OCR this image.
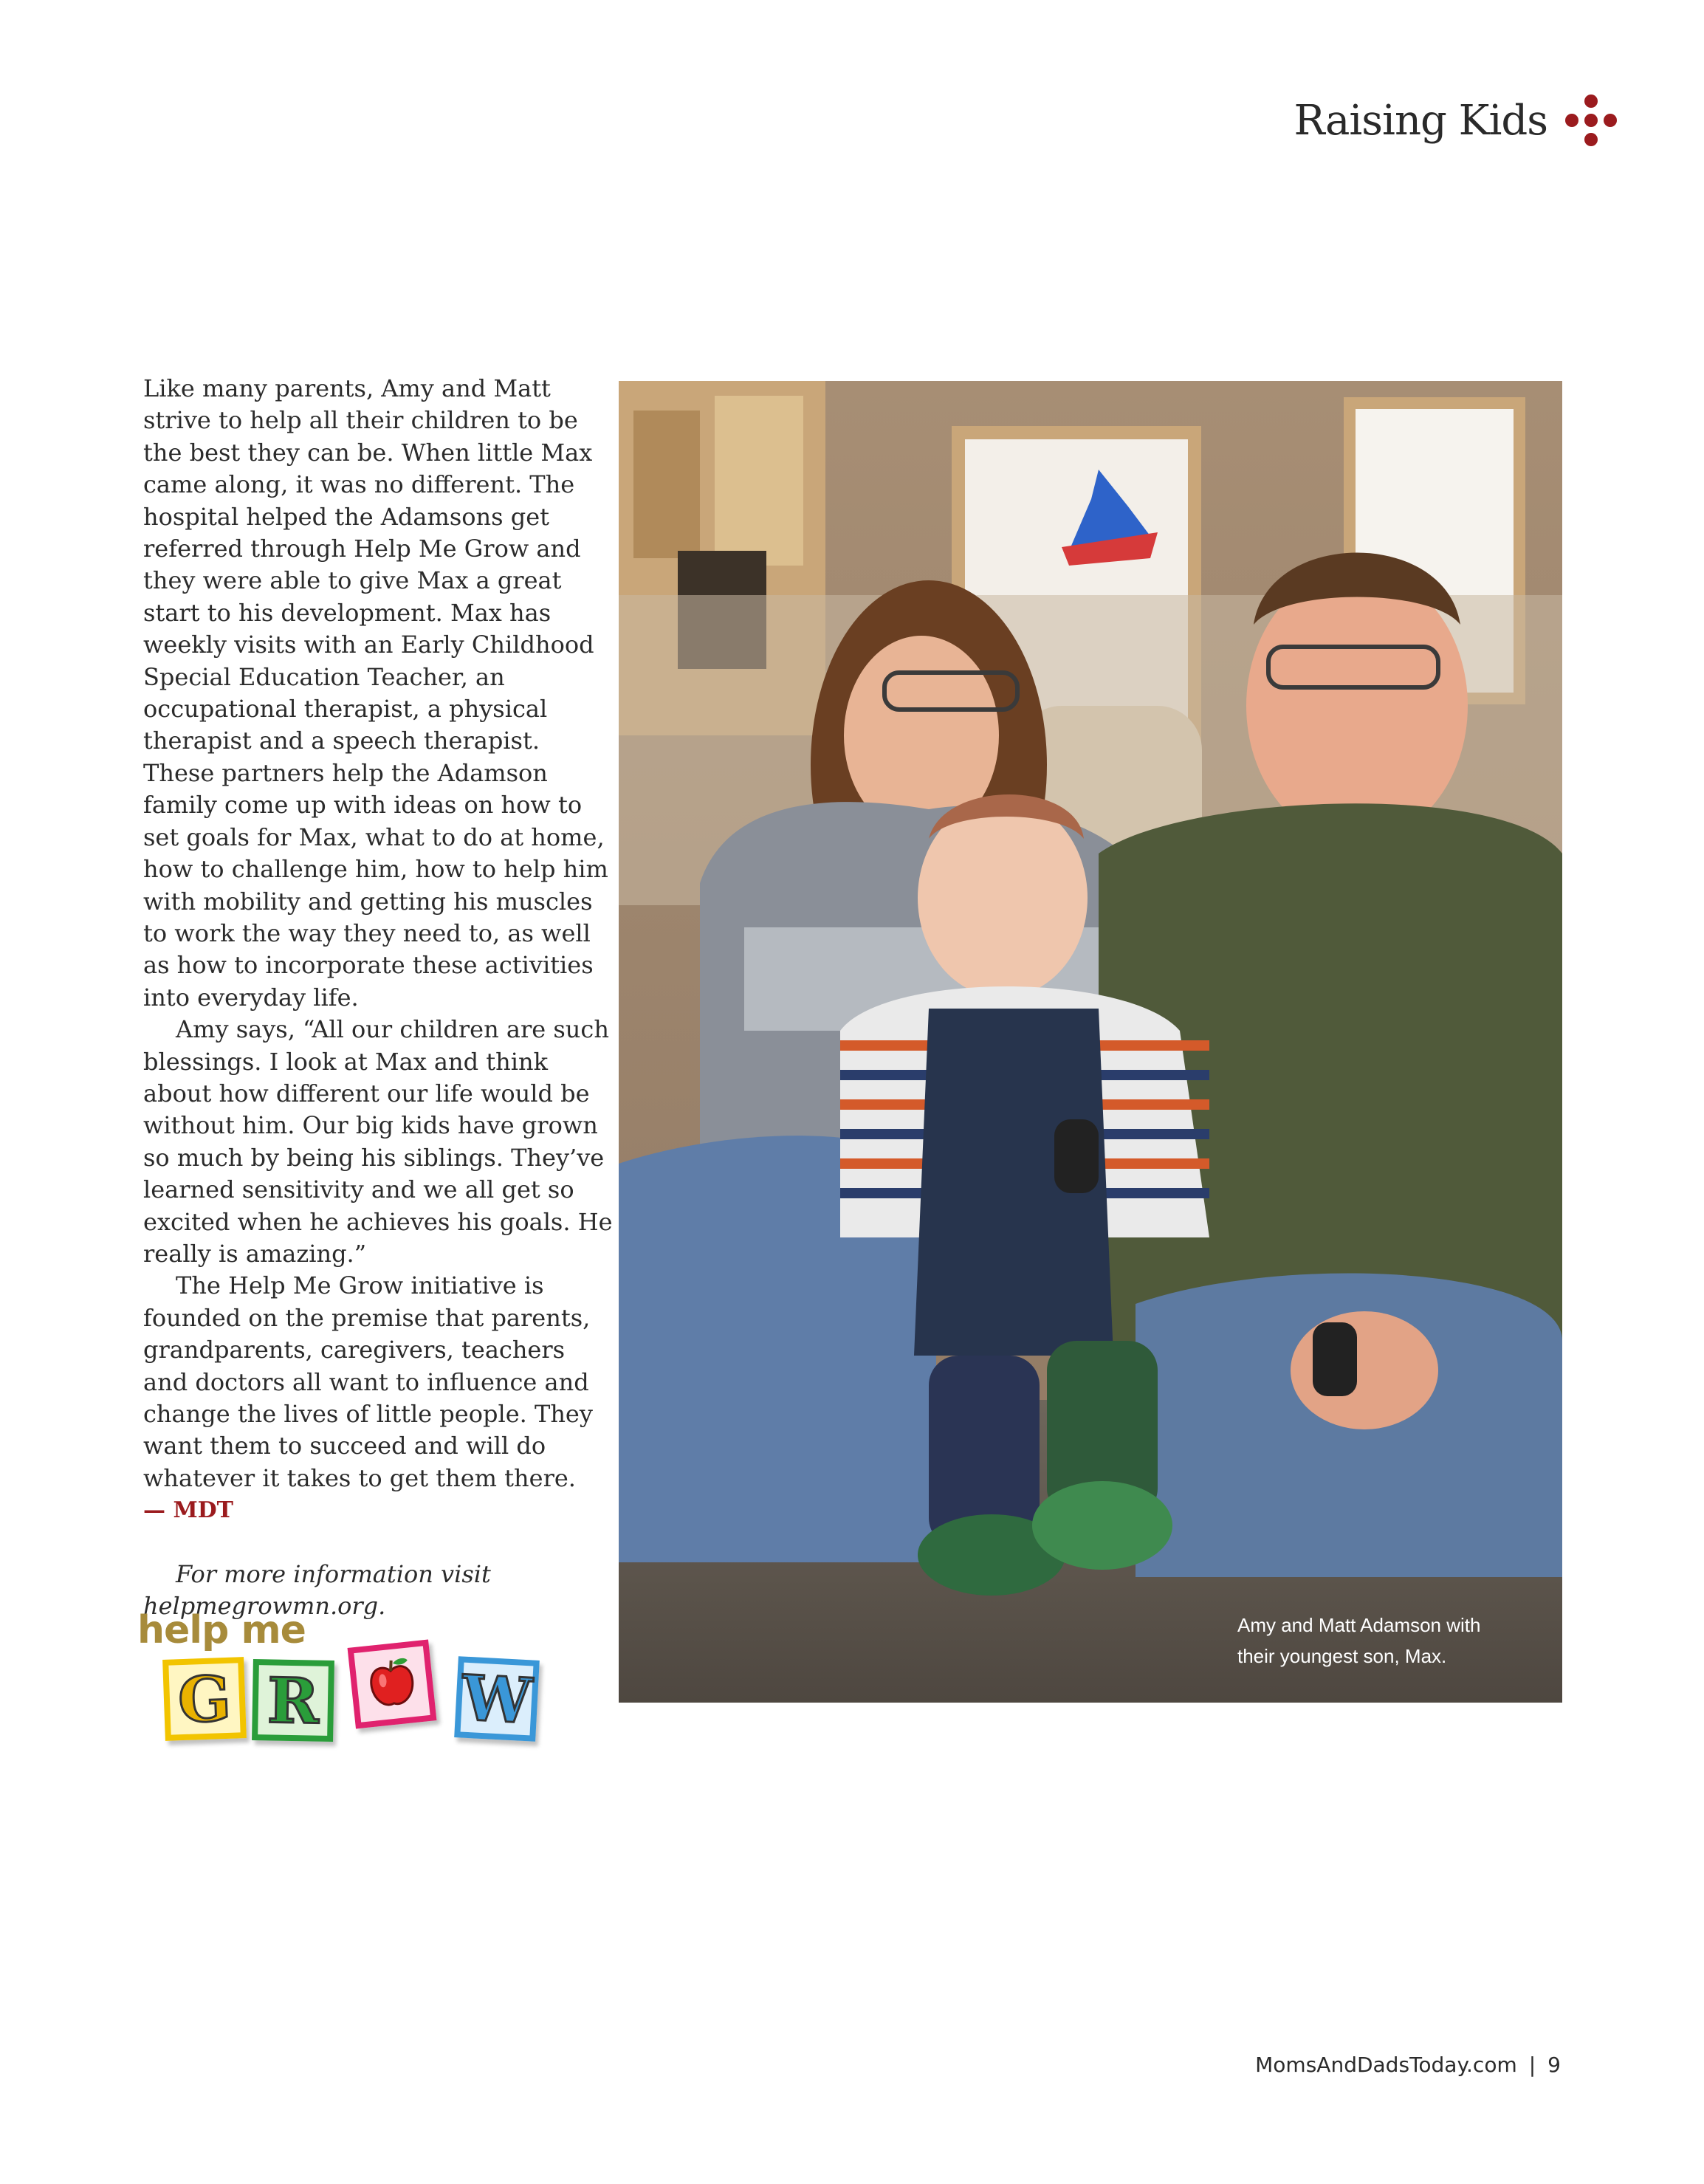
Raising Kids

Like many parents, Amy and Matt strive to help all their children to be the best they can be. When little Max came along, it was no different. The hospital helped the Adamsons get referred through Help Me Grow and they were able to give Max a great start to his development. Max has weekly visits with an Early Childhood Special Education Teacher, an occupational therapist, a physical therapist and a speech therapist. These partners help the Adamson family come up with ideas on how to set goals for Max, what to do at home, how to challenge him, how to help him with mobility and getting his muscles to work the way they need to, as well as how to incorporate these activities into everyday life.

Amy says, “All our children are such blessings. I look at Max and think about how different our life would be without him. Our big kids have grown so much by being his siblings. They’ve learned sensitivity and we all get so excited when he achieves his goals. He really is amazing.”

The Help Me Grow initiative is founded on the premise that parents, grandparents, caregivers, teachers and doctors all want to influence and change the lives of little people. They want them to succeed and will do whatever it takes to get them there.

— MDT

For more information visit

helpmegrowmn.org.

help me
G R W
Amy and Matt Adamson with
their youngest son, Max.
MomsAndDadsToday.com | 9
